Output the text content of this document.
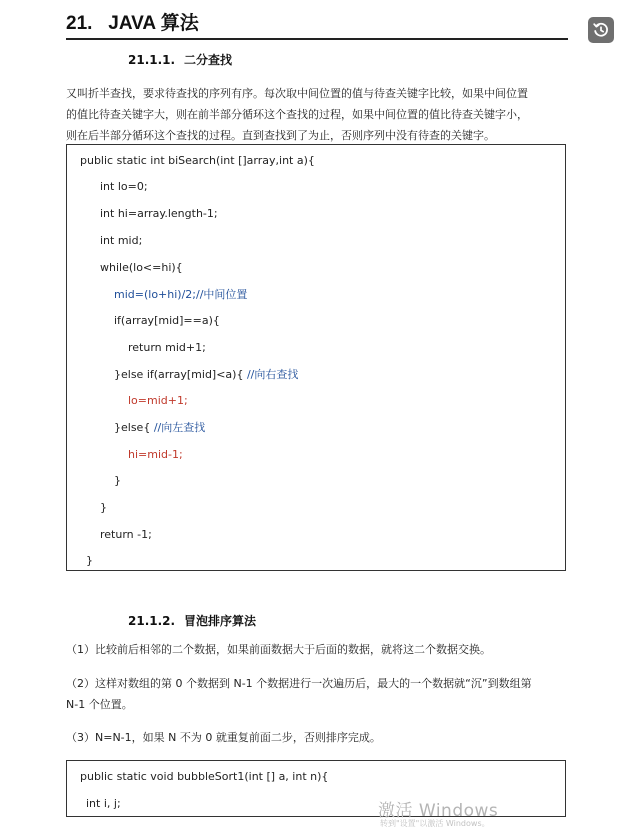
21. JAVA 算法
21.1.1. 二分查找
又叫折半查找，要求待查找的序列有序。每次取中间位置的值与待查关键字比较，如果中间位置
的值比待查关键字大，则在前半部分循环这个查找的过程，如果中间位置的值比待查关键字小，
则在后半部分循环这个查找的过程。直到查找到了为止，否则序列中没有待查的关键字。
public static int biSearch(int []array,int a){
int lo=0;
int hi=array.length-1;
int mid;
while(lo<=hi){
mid=(lo+hi)/2;//中间位置
if(array[mid]==a){
return mid+1;
}else if(array[mid]<a){ //向右查找
lo=mid+1;
}else{ //向左查找
hi=mid-1;
}
}
return -1;
}
21.1.2. 冒泡排序算法
（1）比较前后相邻的二个数据，如果前面数据大于后面的数据，就将这二个数据交换。
（2）这样对数组的第 0 个数据到 N-1 个数据进行一次遍历后，最大的一个数据就“沉”到数组第
N-1 个位置。
（3）N=N-1，如果 N 不为 0 就重复前面二步，否则排序完成。
public static void bubbleSort1(int [] a, int n){
int i, j;	激活 Windows
转到"设置"以激活 Windows。
